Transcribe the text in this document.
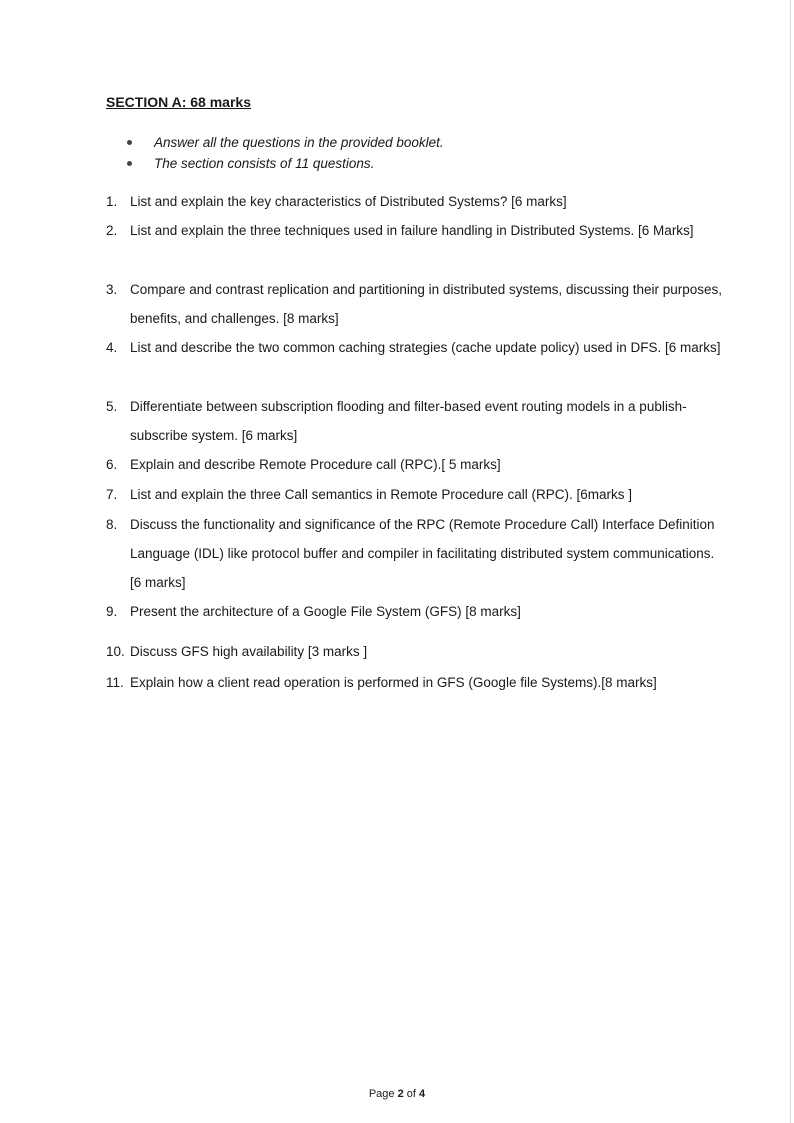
SECTION A: 68 marks

Answer all the questions in the provided booklet.
The section consists of 11 questions.
1. List and explain the key characteristics of Distributed Systems? [6 marks]
2. List and explain the three techniques used in failure handling in Distributed Systems. [6 Marks]
3. Compare and contrast replication and partitioning in distributed systems, discussing their purposes, benefits, and challenges. [8 marks]
4. List and describe the two common caching strategies (cache update policy) used in DFS. [6 marks]
5. Differentiate between subscription flooding and filter-based event routing models in a publish-subscribe system. [6 marks]
6. Explain and describe Remote Procedure call (RPC).[ 5 marks]
7. List and explain the three Call semantics in Remote Procedure call (RPC). [6marks ]
8. Discuss the functionality and significance of the RPC (Remote Procedure Call) Interface Definition Language (IDL) like protocol buffer and compiler in facilitating distributed system communications. [6 marks]
9. Present the architecture of a Google File System (GFS) [8 marks]
10. Discuss GFS high availability [3 marks ]
11. Explain how a client read operation is performed in GFS (Google file Systems).[8 marks]
Page 2 of 4
